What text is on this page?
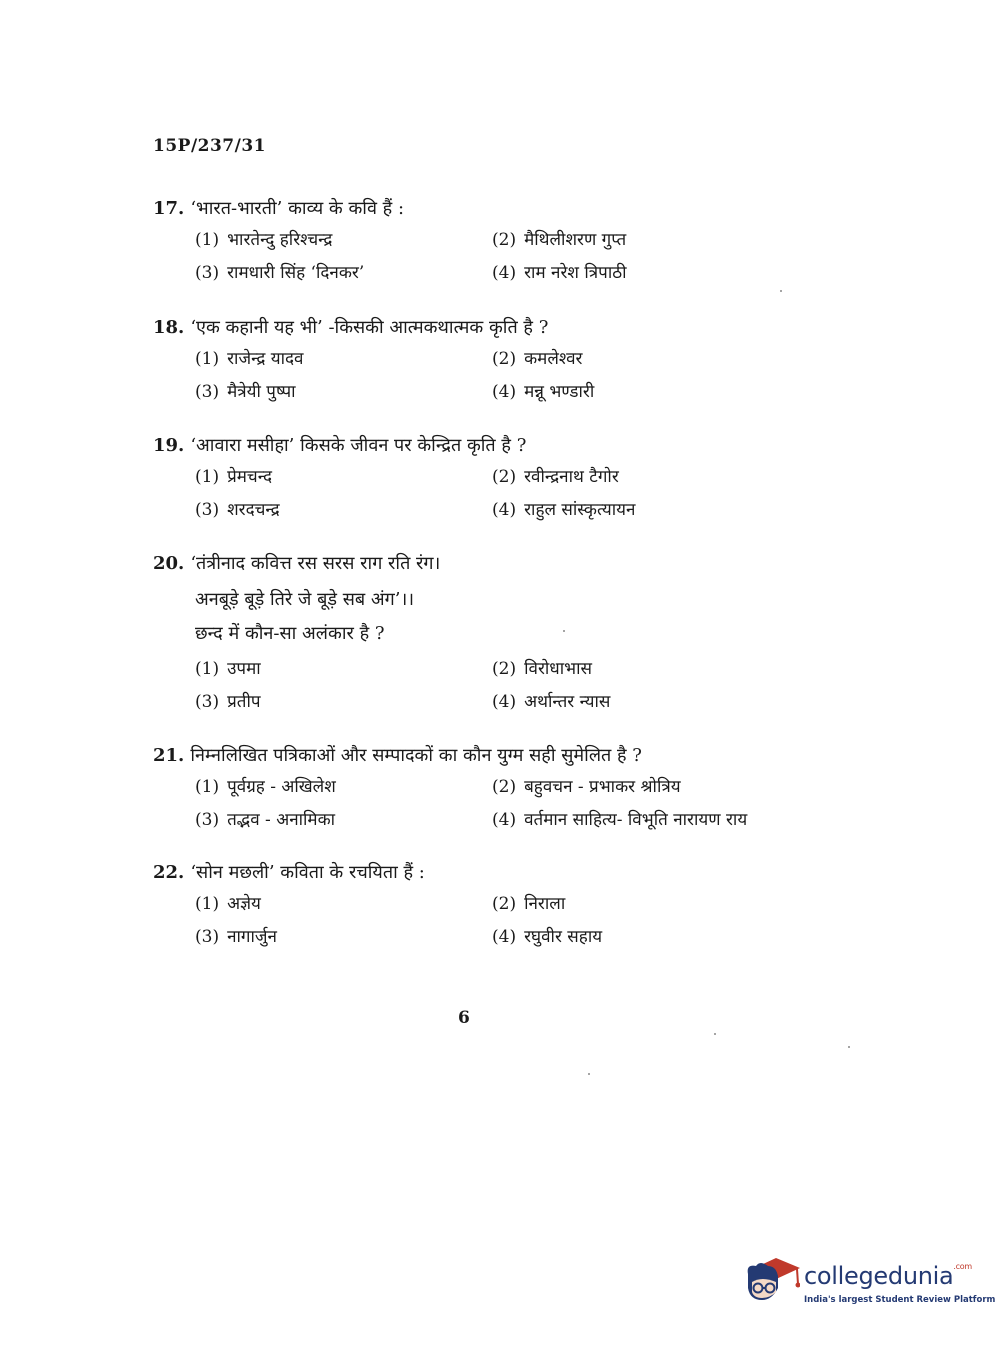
15P/237/31
17. ‘भारत-भारती’ काव्य के कवि हैं :
(1) भारतेन्दु हरिश्चन्द्र	(2) मैथिलीशरण गुप्त
(3) रामधारी सिंह ‘दिनकर’	(4) राम नरेश त्रिपाठी
18. ‘एक कहानी यह भी’ -किसकी आत्मकथात्मक कृति है ?
(1) राजेन्द्र यादव	(2) कमलेश्वर
(3) मैत्रेयी पुष्पा	(4) मन्नू भण्डारी
19. ‘आवारा मसीहा’ किसके जीवन पर केन्द्रित कृति है ?
(1) प्रेमचन्द	(2) रवीन्द्रनाथ टैगोर
(3) शरदचन्द्र	(4) राहुल सांस्कृत्यायन
20. ‘तंत्रीनाद कवित्त रस सरस राग रति रंग।
अनबूड़े बूड़े तिरे जे बूड़े सब अंग’।।
छन्द में कौन-सा अलंकार है ?
(1) उपमा	(2) विरोधाभास
(3) प्रतीप	(4) अर्थान्तर न्यास
21. निम्नलिखित पत्रिकाओं और सम्पादकों का कौन युग्म सही सुमेलित है ?
(1) पूर्वग्रह - अखिलेश	(2) बहुवचन - प्रभाकर श्रोत्रिय
(3) तद्भव - अनामिका	(4) वर्तमान साहित्य- विभूति नारायण राय
22. ‘सोन मछली’ कविता के रचयिता हैं :
(1) अज्ञेय	(2) निराला
(3) नागार्जुन	(4) रघुवीर सहाय
6
collegedunia$^{.com}$
India's largest Student Review Platform
